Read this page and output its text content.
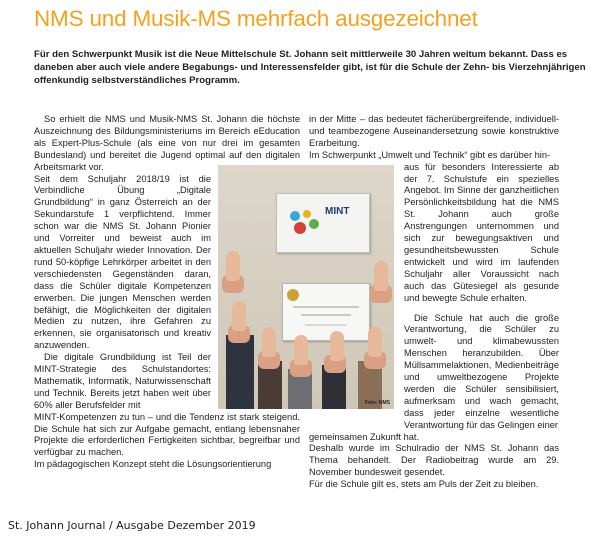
NMS und Musik-MS mehrfach ausgezeichnet
Für den Schwerpunkt Musik ist die Neue Mittelschule St. Johann seit mittlerweile 30 Jahren weitum bekannt. Dass es daneben aber auch viele andere Begabungs- und Interessensfelder gibt, ist für die Schule der Zehn- bis Vierzehnjährigen offenkundig selbstverständliches Programm.

So erhielt die NMS und Musik-NMS St. Johann die höchste Auszeichnung des Bildungsministeriums im Bereich eEducation als Expert-Plus-Schule (als eine von nur drei im gesamten Bundesland) und bereitet die Jugend optimal auf den digitalen Arbeitsmarkt vor.

Seit dem Schuljahr 2018/19 ist die Verbindliche Übung „Digitale Grundbildung“ in ganz Österreich an der Sekundarstufe 1 verpflichtend. Immer schon war die NMS St. Johann Pionier und Vorreiter und beweist auch im aktuellen Schuljahr wieder Innovation. Der rund 50-köpfige Lehrkörper arbeitet in den verschiedensten Gegenständen daran, dass die Schüler digitale Kompetenzen erwerben. Die jungen Menschen werden befähigt, die Möglichkeiten der digitalen Medien zu nutzen, ihre Gefahren zu erkennen, sie organisatorisch und kreativ anzuwenden.

Die digitale Grundbildung ist Teil der MINT-Strategie des Schulstandortes: Mathematik, Informatik, Naturwissenschaft und Technik. Bereits jetzt haben weit über 60% aller Berufsfelder mit

MINT-Kompetenzen zu tun – und die Tendenz ist stark steigend. Die Schule hat sich zur Aufgabe gemacht, entlang lebensnaher Projekte die erforderlichen Fertigkeiten sichtbar, begreifbar und verfügbar zu machen.

Im pädagogischen Konzept steht die Lösungsorientierung

in der Mitte – das bedeutet fächerübergreifende, individuell- und teambezogene Auseinandersetzung sowie konstruktive Erarbeitung.

Im Schwerpunkt „Umwelt und Technik“ gibt es darüber hin-

aus für besonders Interessierte ab der 7. Schulstufe ein spezielles Angebot. Im Sinne der ganzheitlichen Persönlichkeitsbildung hat die NMS St. Johann auch große Anstrengungen unternommen und sich zur bewegungsaktiven und gesundheitsbewussten Schule entwickelt und wird im laufenden Schuljahr aller Voraussicht nach auch das Gütesiegel als gesunde und bewegte Schule erhalten.

Die Schule hat auch die große Verantwortung, die Schüler zu umwelt- und klimabewussten Menschen heranzubilden. Über Müllsammelaktionen, Medienbeiträge und umweltbezogene Projekte werden die Schüler sensibilisiert, aufmerksam und wach gemacht, dass jeder einzelne wesentliche Verantwortung für das Gelingen einer

gemeinsamen Zukunft hat.

Deshalb wurde im Schulradio der NMS St. Johann das Thema behandelt. Der Radiobeitrag wurde am 29. November bundesweit gesendet.

Für die Schule gilt es, stets am Puls der Zeit zu bleiben.

MINT
Foto: NMS
St. Johann Journal / Ausgabe Dezember 2019
